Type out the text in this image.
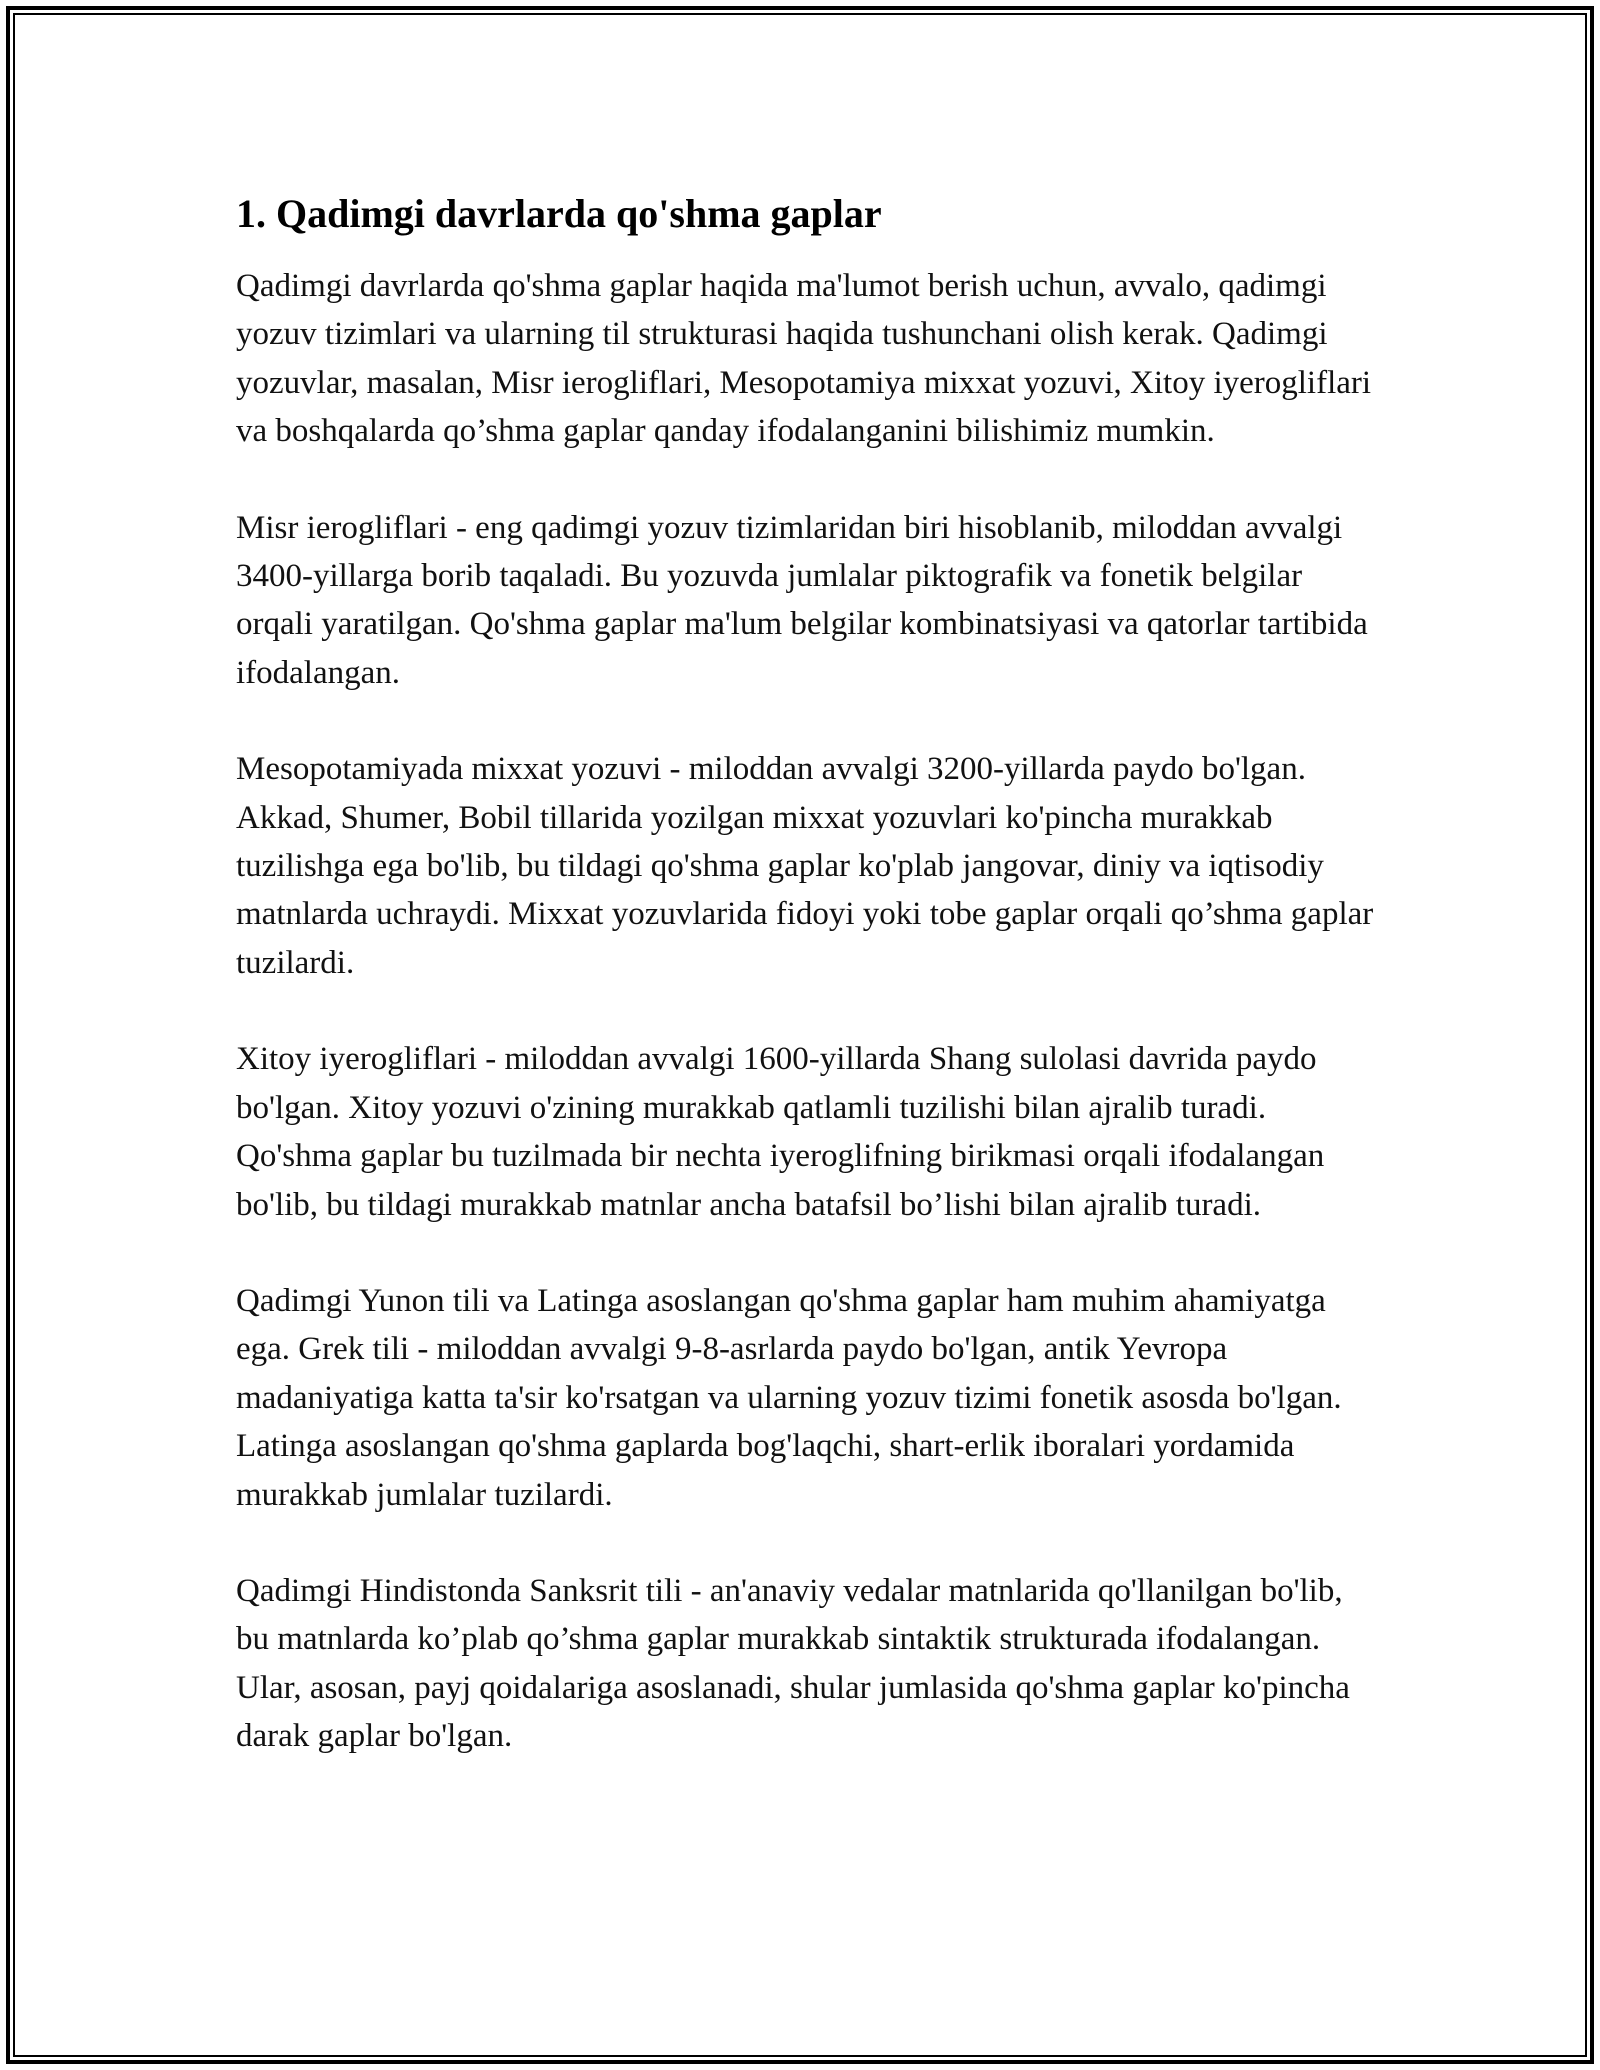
1. Qadimgi davrlarda qo'shma gaplar

Qadimgi davrlarda qo'shma gaplar haqida ma'lumot berish uchun, avvalo, qadimgi yozuv tizimlari va ularning til strukturasi haqida tushunchani olish kerak. Qadimgi yozuvlar, masalan, Misr ierogliflari, Mesopotamiya mixxat yozuvi, Xitoy iyerogliflari va boshqalarda qo’shma gaplar qanday ifodalanganini bilishimiz mumkin.

Misr ierogliflari - eng qadimgi yozuv tizimlaridan biri hisoblanib, miloddan avvalgi 3400-yillarga borib taqaladi. Bu yozuvda jumlalar piktografik va fonetik belgilar orqali yaratilgan. Qo'shma gaplar ma'lum belgilar kombinatsiyasi va qatorlar tartibida ifodalangan.

Mesopotamiyada mixxat yozuvi - miloddan avvalgi 3200-yillarda paydo bo'lgan. Akkad, Shumer, Bobil tillarida yozilgan mixxat yozuvlari ko'pincha murakkab tuzilishga ega bo'lib, bu tildagi qo'shma gaplar ko'plab jangovar, diniy va iqtisodiy matnlarda uchraydi. Mixxat yozuvlarida fidoyi yoki tobe gaplar orqali qo’shma gaplar tuzilardi.

Xitoy iyerogliflari - miloddan avvalgi 1600-yillarda Shang sulolasi davrida paydo bo'lgan. Xitoy yozuvi o'zining murakkab qatlamli tuzilishi bilan ajralib turadi. Qo'shma gaplar bu tuzilmada bir nechta iyeroglifning birikmasi orqali ifodalangan bo'lib, bu tildagi murakkab matnlar ancha batafsil bo’lishi bilan ajralib turadi.

Qadimgi Yunon tili va Latinga asoslangan qo'shma gaplar ham muhim ahamiyatga ega. Grek tili - miloddan avvalgi 9-8-asrlarda paydo bo'lgan, antik Yevropa madaniyatiga katta ta'sir ko'rsatgan va ularning yozuv tizimi fonetik asosda bo'lgan. Latinga asoslangan qo'shma gaplarda bog'laqchi, shart-erlik iboralari yordamida murakkab jumlalar tuzilardi.

Qadimgi Hindistonda Sanksrit tili - an'anaviy vedalar matnlarida qo'llanilgan bo'lib, bu matnlarda ko’plab qo’shma gaplar murakkab sintaktik strukturada ifodalangan. Ular, asosan, payj qoidalariga asoslanadi, shular jumlasida qo'shma gaplar ko'pincha darak gaplar bo'lgan.
